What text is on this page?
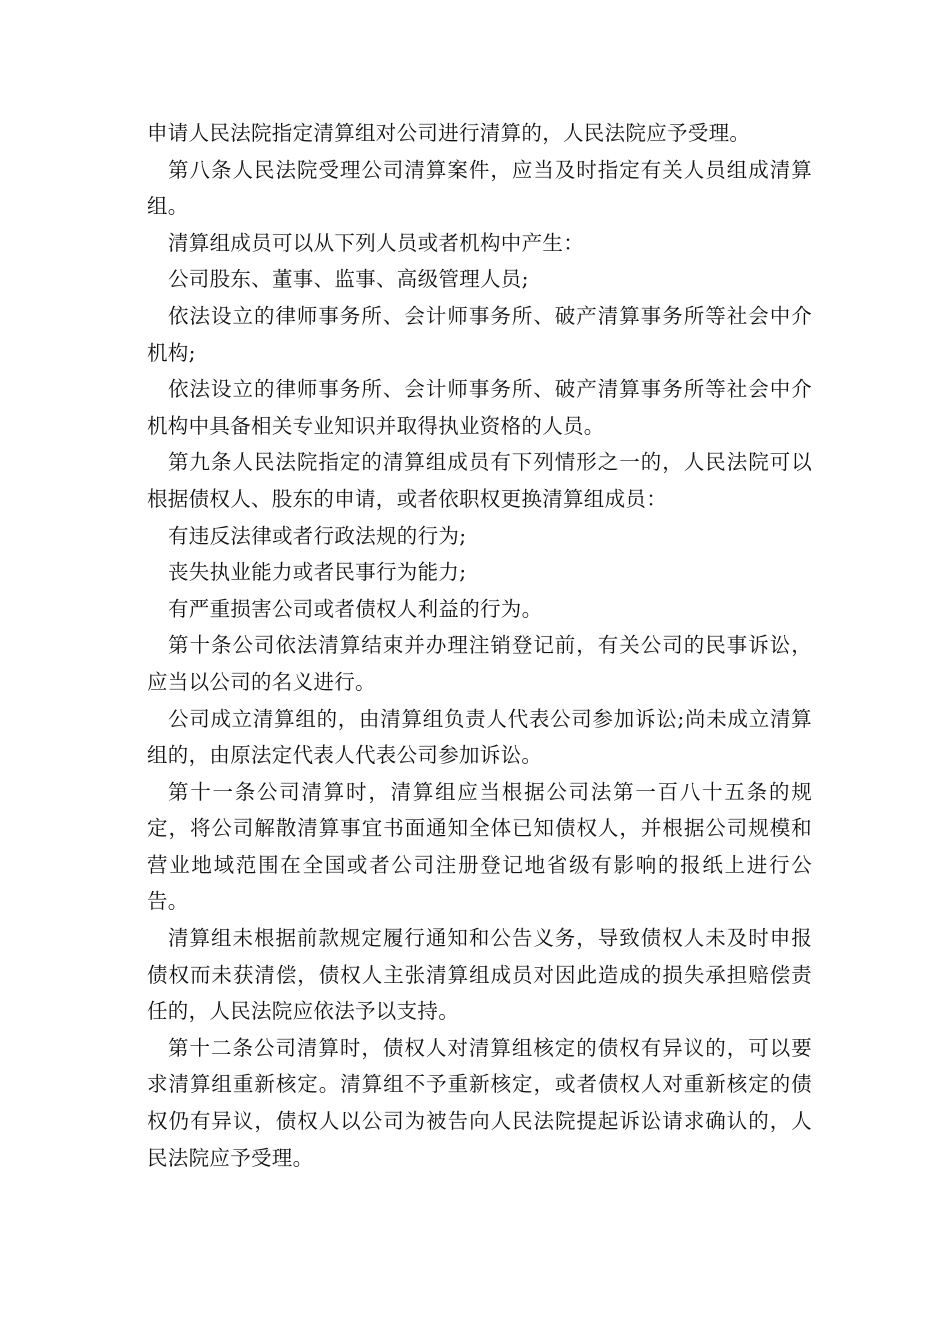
申请人民法院指定清算组对公司进行清算的，人民法院应予受理。

第八条人民法院受理公司清算案件，应当及时指定有关人员组成清算组。

清算组成员可以从下列人员或者机构中产生：

公司股东、董事、监事、高级管理人员;

依法设立的律师事务所、会计师事务所、破产清算事务所等社会中介机构;

依法设立的律师事务所、会计师事务所、破产清算事务所等社会中介机构中具备相关专业知识并取得执业资格的人员。

第九条人民法院指定的清算组成员有下列情形之一的，人民法院可以根据债权人、股东的申请，或者依职权更换清算组成员：

有违反法律或者行政法规的行为;

丧失执业能力或者民事行为能力;

有严重损害公司或者债权人利益的行为。

第十条公司依法清算结束并办理注销登记前，有关公司的民事诉讼，应当以公司的名义进行。

公司成立清算组的，由清算组负责人代表公司参加诉讼;尚未成立清算组的，由原法定代表人代表公司参加诉讼。

第十一条公司清算时，清算组应当根据公司法第一百八十五条的规定，将公司解散清算事宜书面通知全体已知债权人，并根据公司规模和营业地域范围在全国或者公司注册登记地省级有影响的报纸上进行公告。

清算组未根据前款规定履行通知和公告义务，导致债权人未及时申报债权而未获清偿，债权人主张清算组成员对因此造成的损失承担赔偿责任的，人民法院应依法予以支持。

第十二条公司清算时，债权人对清算组核定的债权有异议的，可以要求清算组重新核定。清算组不予重新核定，或者债权人对重新核定的债权仍有异议，债权人以公司为被告向人民法院提起诉讼请求确认的，人民法院应予受理。
